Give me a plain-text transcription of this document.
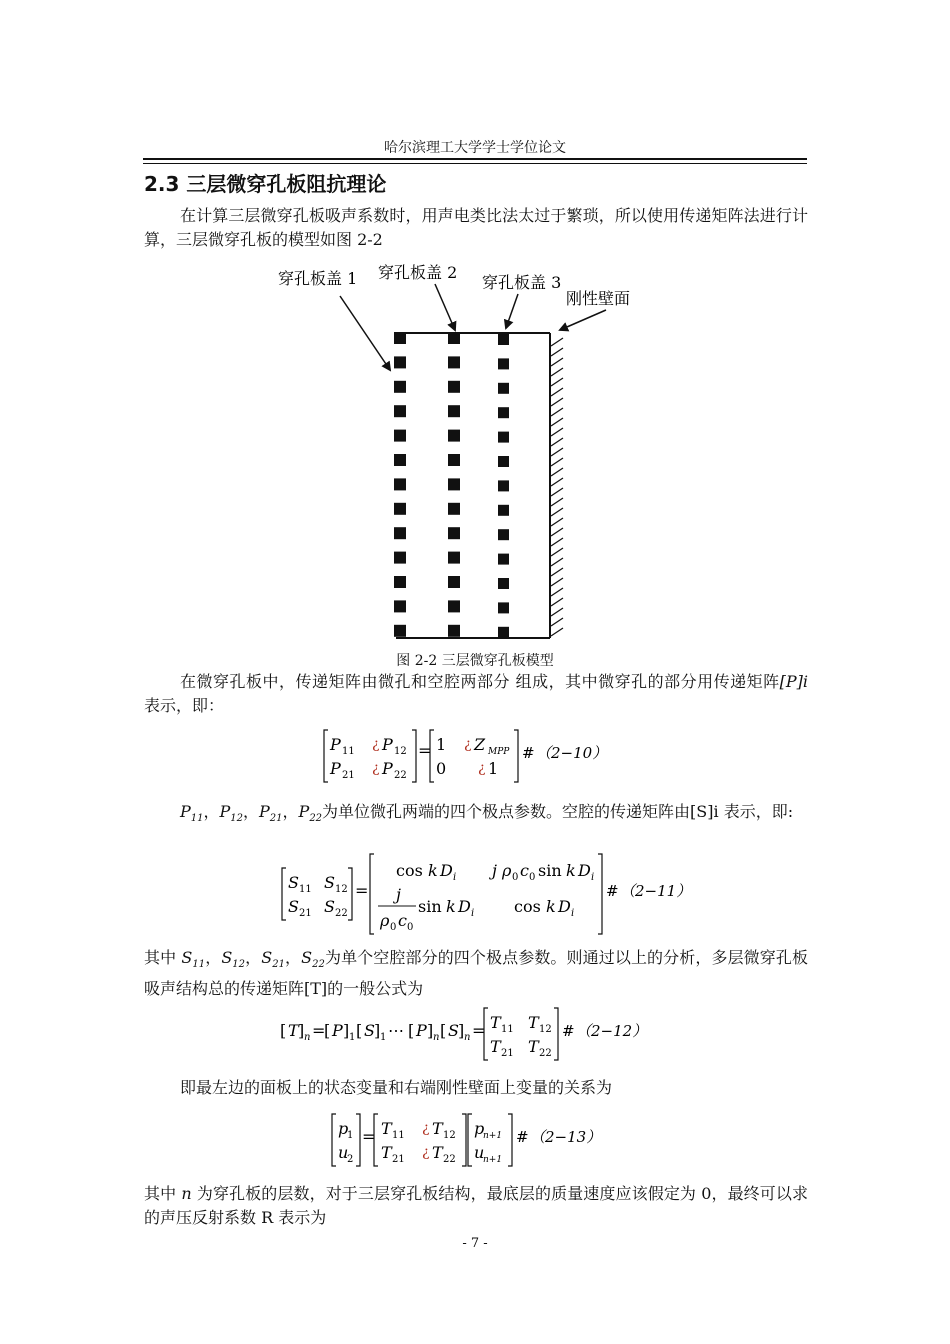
哈尔滨理工大学学士学位论文
2.3 三层微穿孔板阻抗理论
在计算三层微穿孔板吸声系数时，用声电类比法太过于繁琐，所以使用传递矩阵法进行计算，三层微穿孔板的模型如图 2-2
穿孔板盖 1 穿孔板盖 2
穿孔板盖 3
刚性壁面
图 2-2 三层微穿孔板模型
在微穿孔板中，传递矩阵由微孔和空腔两部分 组成，其中微穿孔的部分用传递矩阵[P]i 表示，即：
P 11 ¿ P 12
P 21 ¿ P 22
= 1 ¿ Z MPP
0 ¿ 1
# （2−10）
$P_{11}$，$P_{12}$，$P_{21}$，$P_{22}$为单位微孔两端的四个极点参数。空腔的传递矩阵由[S]i 表示，即:
S 11 S 12
S 21 S 22
=
cos k D i j ρ 0 c 0 sin k D i
j
ρ 0 c 0
sin k D i cos k D i
# （2−11）
其中 $S_{11}$，$S_{12}$，$S_{21}$，$S_{22}$为单个空腔部分的四个极点参数。则通过以上的分析，多层微穿孔板吸声结构总的传递矩阵[T]的一般公式为
[ T ] n =
[ P ] 1 [ S ] 1 ⋯ [ P ] n [ S ] n = T 11 T 12
T 21 T 22
# （2−12）
即最左边的面板上的状态变量和右端刚性壁面上变量的关系为
p
1
u
2
= T 11 ¿ T 12
T 21 ¿ T 22
p
n+1
u
n+1
# （2−13）
其中 n 为穿孔板的层数，对于三层穿孔板结构，最底层的质量速度应该假定为 0，最终可以求的声压反射系数 R 表示为
- 7 -
